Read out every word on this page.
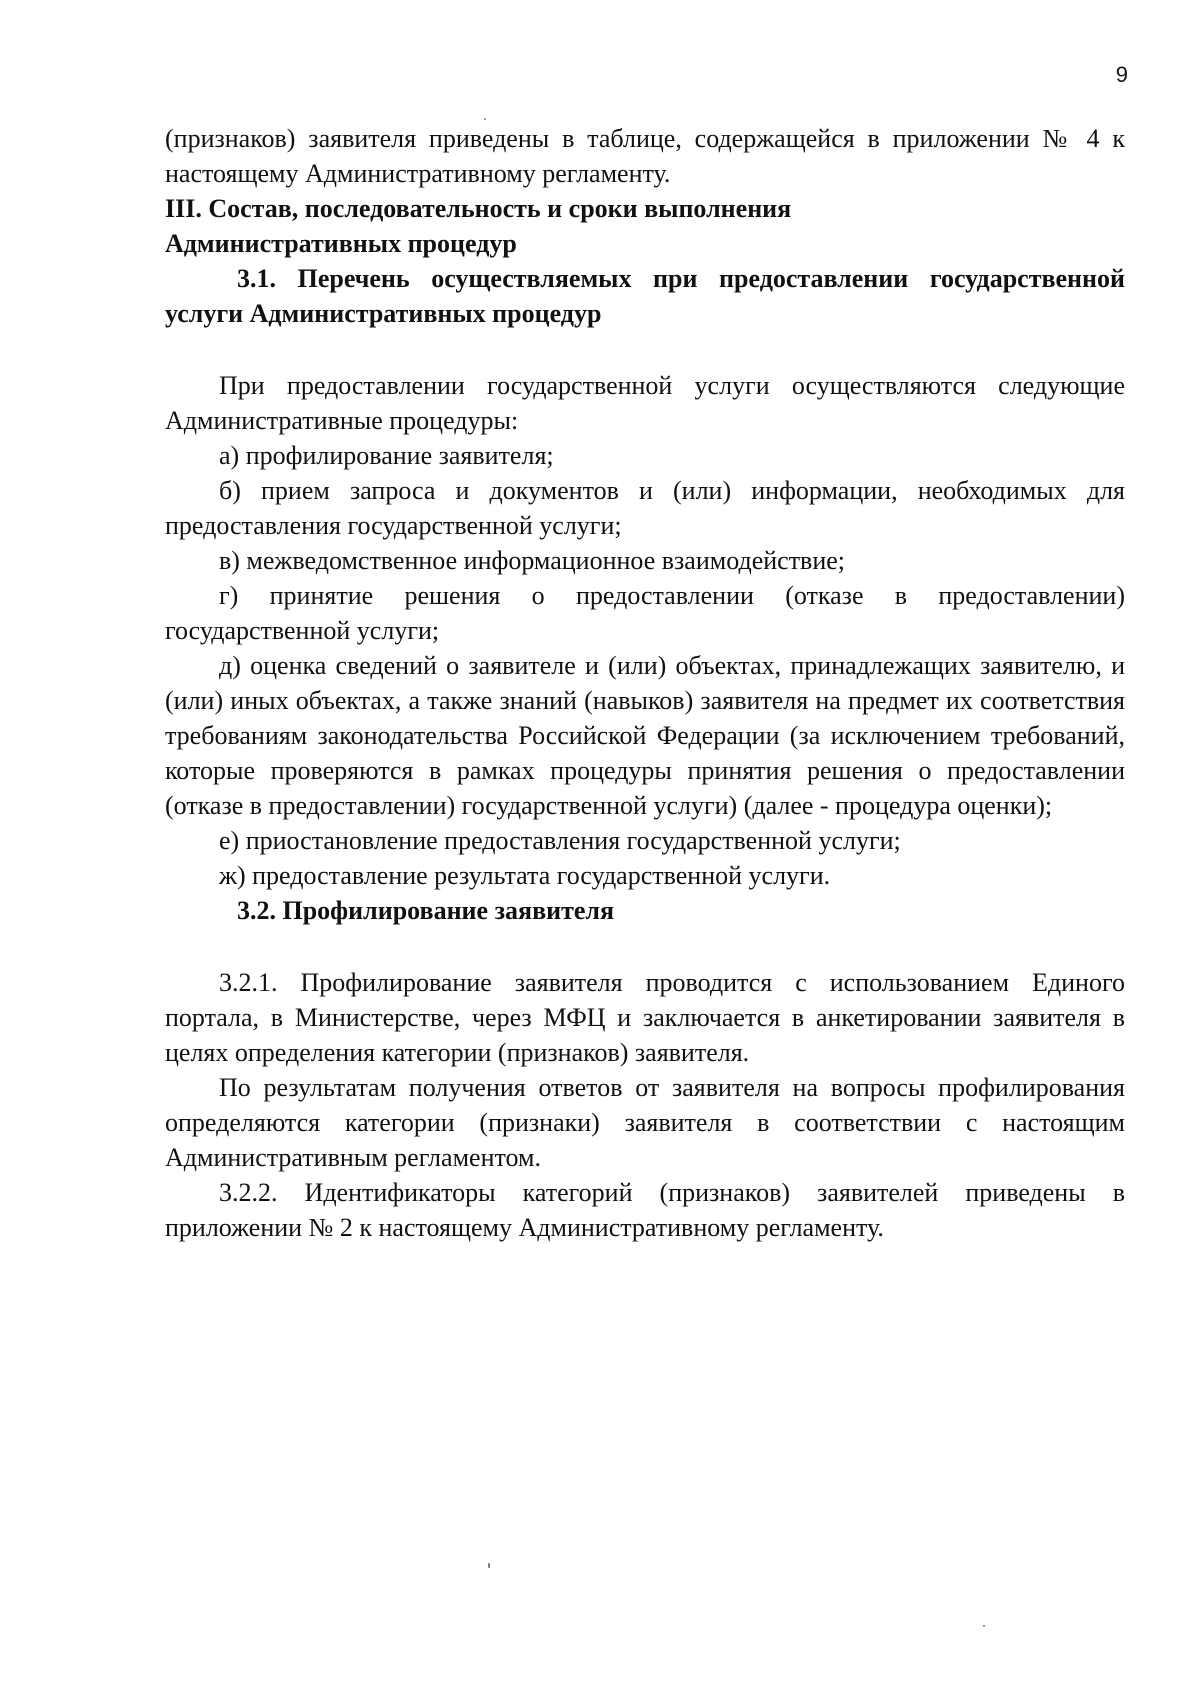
9

(признаков) заявителя приведены в таблице, содержащейся в приложении № 4 к настоящему Административному регламенту.

III. Состав, последовательность и сроки выполнения

Административных процедур

3.1. Перечень осуществляемых при предоставлении государственной услуги Административных процедур

При предоставлении государственной услуги осуществляются следующие Административные процедуры:

а) профилирование заявителя;

б) прием запроса и документов и (или) информации, необходимых для предоставления государственной услуги;

в) межведомственное информационное взаимодействие;

г) принятие решения о предоставлении (отказе в предоставлении) государственной услуги;

д) оценка сведений о заявителе и (или) объектах, принадлежащих заявителю, и (или) иных объектах, а также знаний (навыков) заявителя на предмет их соответствия требованиям законодательства Российской Федерации (за исключением требований, которые проверяются в рамках процедуры принятия решения о предоставлении (отказе в предоставлении) государственной услуги) (далее - процедура оценки);

е) приостановление предоставления государственной услуги;

ж) предоставление результата государственной услуги.

3.2. Профилирование заявителя

3.2.1. Профилирование заявителя проводится с использованием Единого портала, в Министерстве, через МФЦ и заключается в анкетировании заявителя в целях определения категории (признаков) заявителя.

По результатам получения ответов от заявителя на вопросы профилирования определяются категории (признаки) заявителя в соответствии с настоящим Административным регламентом.

3.2.2. Идентификаторы категорий (признаков) заявителей приведены в приложении № 2 к настоящему Административному регламенту.
